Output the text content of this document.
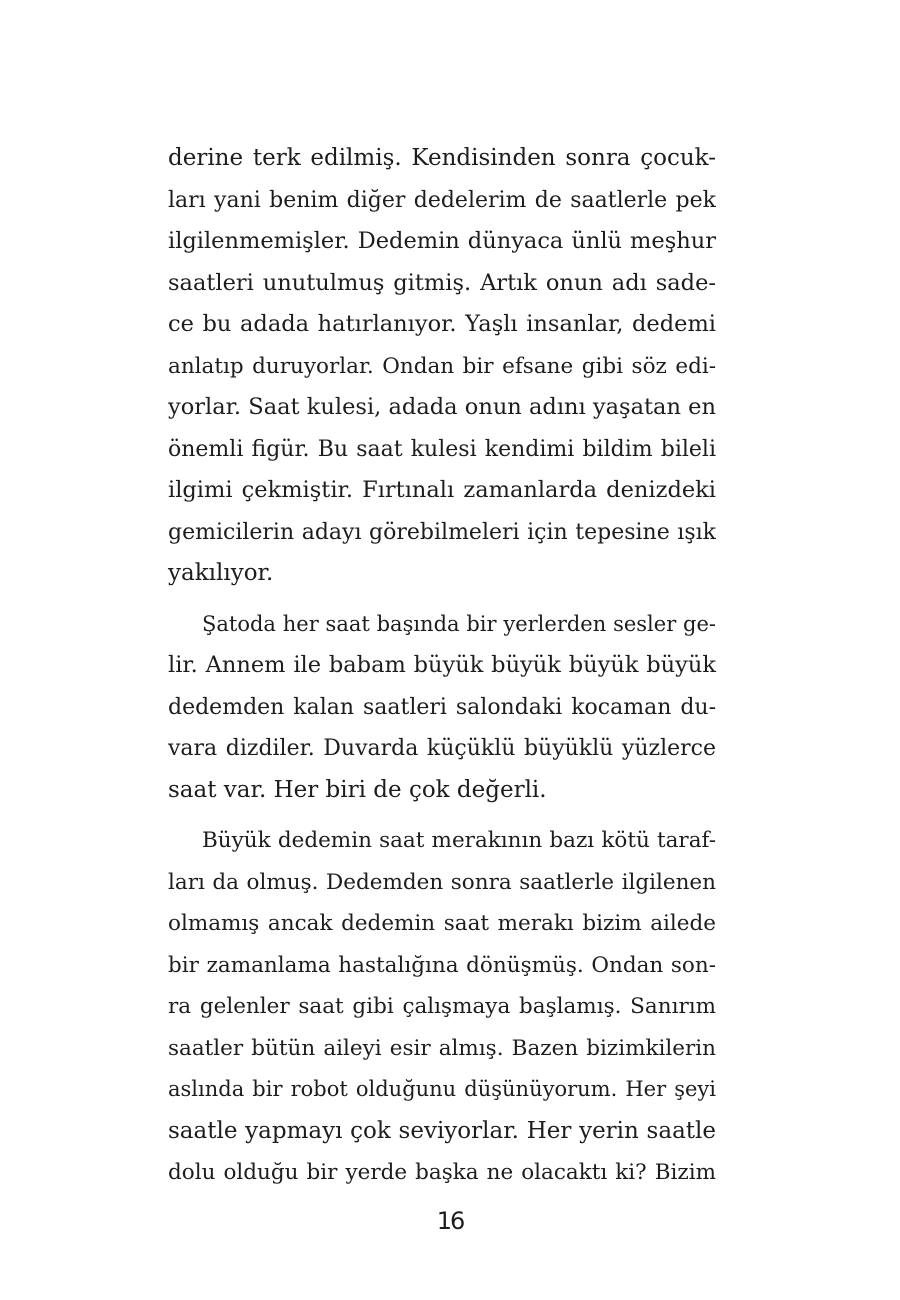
derine terk edilmiş. Kendisinden sonra çocuk-
ları yani benim diğer dedelerim de saatlerle pek
ilgilenmemişler. Dedemin dünyaca ünlü meşhur
saatleri unutulmuş gitmiş. Artık onun adı sade-
ce bu adada hatırlanıyor. Yaşlı insanlar, dedemi
anlatıp duruyorlar. Ondan bir efsane gibi söz edi-
yorlar. Saat kulesi, adada onun adını yaşatan en
önemli figür. Bu saat kulesi kendimi bildim bileli
ilgimi çekmiştir. Fırtınalı zamanlarda denizdeki
gemicilerin adayı görebilmeleri için tepesine ışık
yakılıyor.
Şatoda her saat başında bir yerlerden sesler ge-
lir. Annem ile babam büyük büyük büyük büyük
dedemden kalan saatleri salondaki kocaman du-
vara dizdiler. Duvarda küçüklü büyüklü yüzlerce
saat var. Her biri de çok değerli.
Büyük dedemin saat merakının bazı kötü taraf-
ları da olmuş. Dedemden sonra saatlerle ilgilenen
olmamış ancak dedemin saat merakı bizim ailede
bir zamanlama hastalığına dönüşmüş. Ondan son-
ra gelenler saat gibi çalışmaya başlamış. Sanırım
saatler bütün aileyi esir almış. Bazen bizimkilerin
aslında bir robot olduğunu düşünüyorum. Her şeyi
saatle yapmayı çok seviyorlar. Her yerin saatle
dolu olduğu bir yerde başka ne olacaktı ki? Bizim
16
